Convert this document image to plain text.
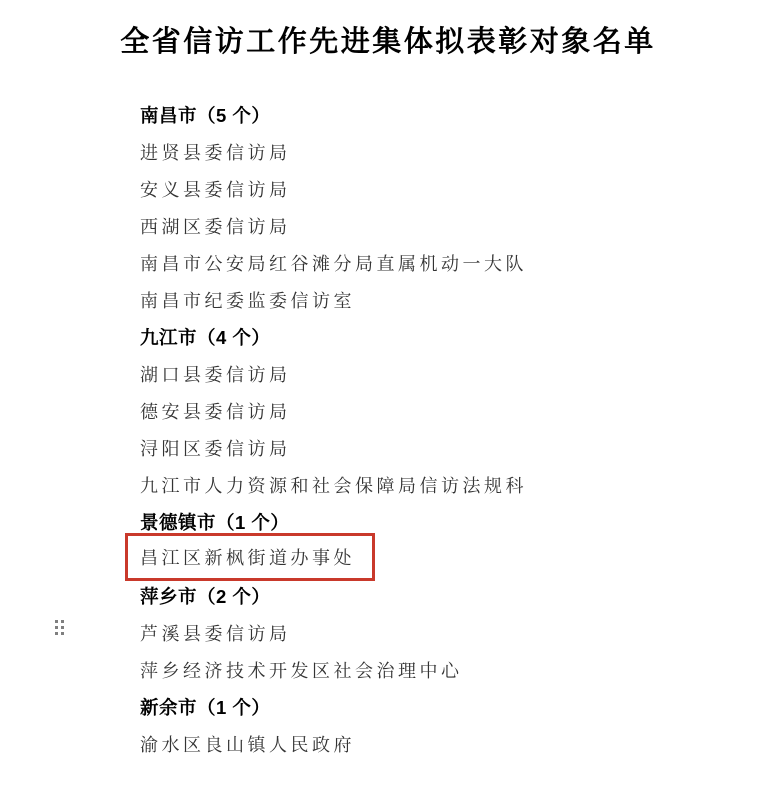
全省信访工作先进集体拟表彰对象名单
南昌市（5 个）
进贤县委信访局
安义县委信访局
西湖区委信访局
南昌市公安局红谷滩分局直属机动一大队
南昌市纪委监委信访室
九江市（4 个）
湖口县委信访局
德安县委信访局
浔阳区委信访局
九江市人力资源和社会保障局信访法规科
景德镇市（1 个）
昌江区新枫街道办事处
萍乡市（2 个）
芦溪县委信访局
萍乡经济技术开发区社会治理中心
新余市（1 个）
渝水区良山镇人民政府
